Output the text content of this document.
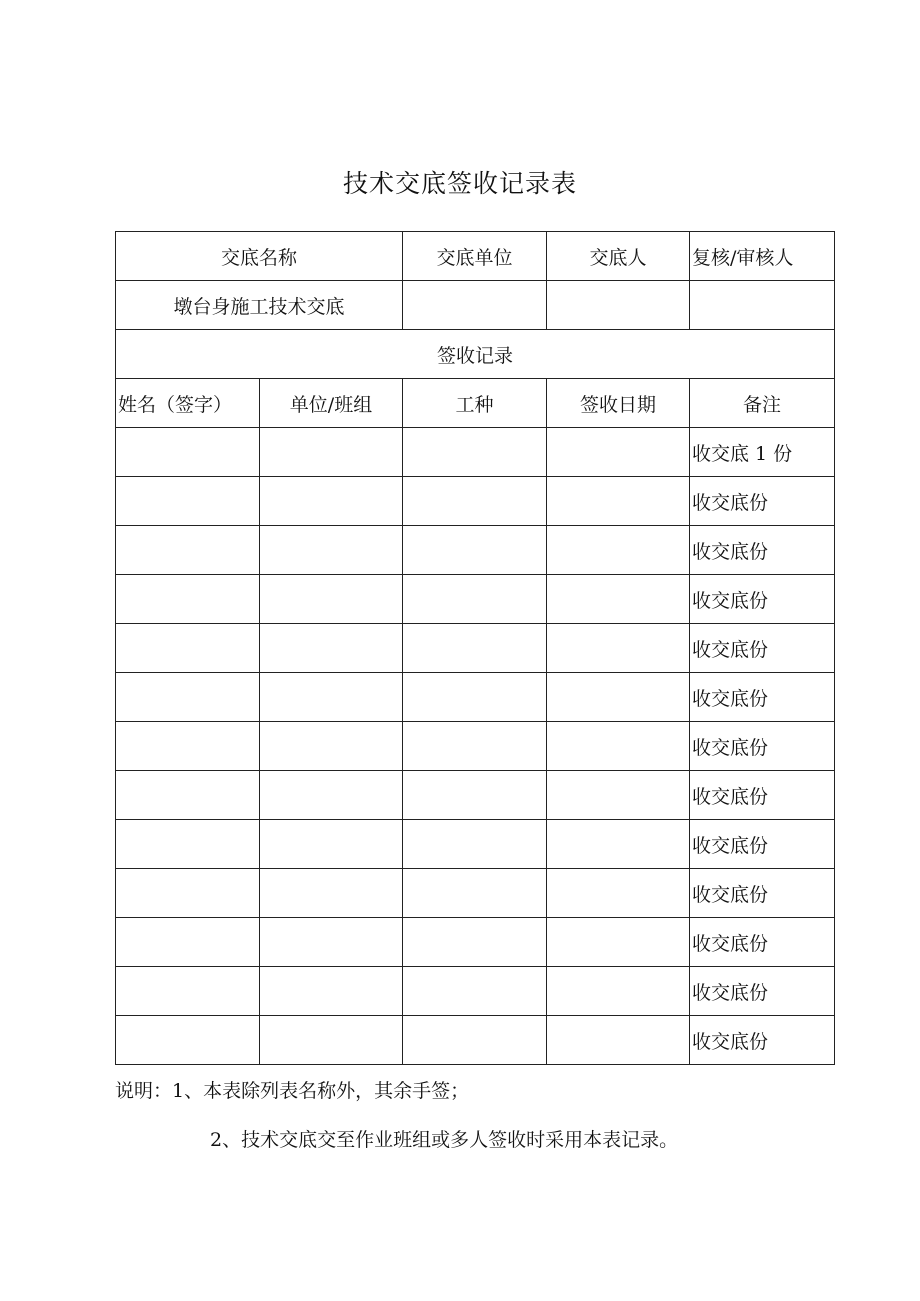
技术交底签收记录表
交底名称		交底单位	交底人	复核/审核人
墩台身施工技术交底				
签收记录				
姓名（签字）	单位/班组	工种	签收日期	备注
				收交底 1 份
				收交底份
				收交底份
				收交底份
				收交底份
				收交底份
				收交底份
				收交底份
				收交底份
				收交底份
				收交底份
				收交底份
				收交底份
说明：1、本表除列表名称外，其余手签；
2、技术交底交至作业班组或多人签收时采用本表记录。
